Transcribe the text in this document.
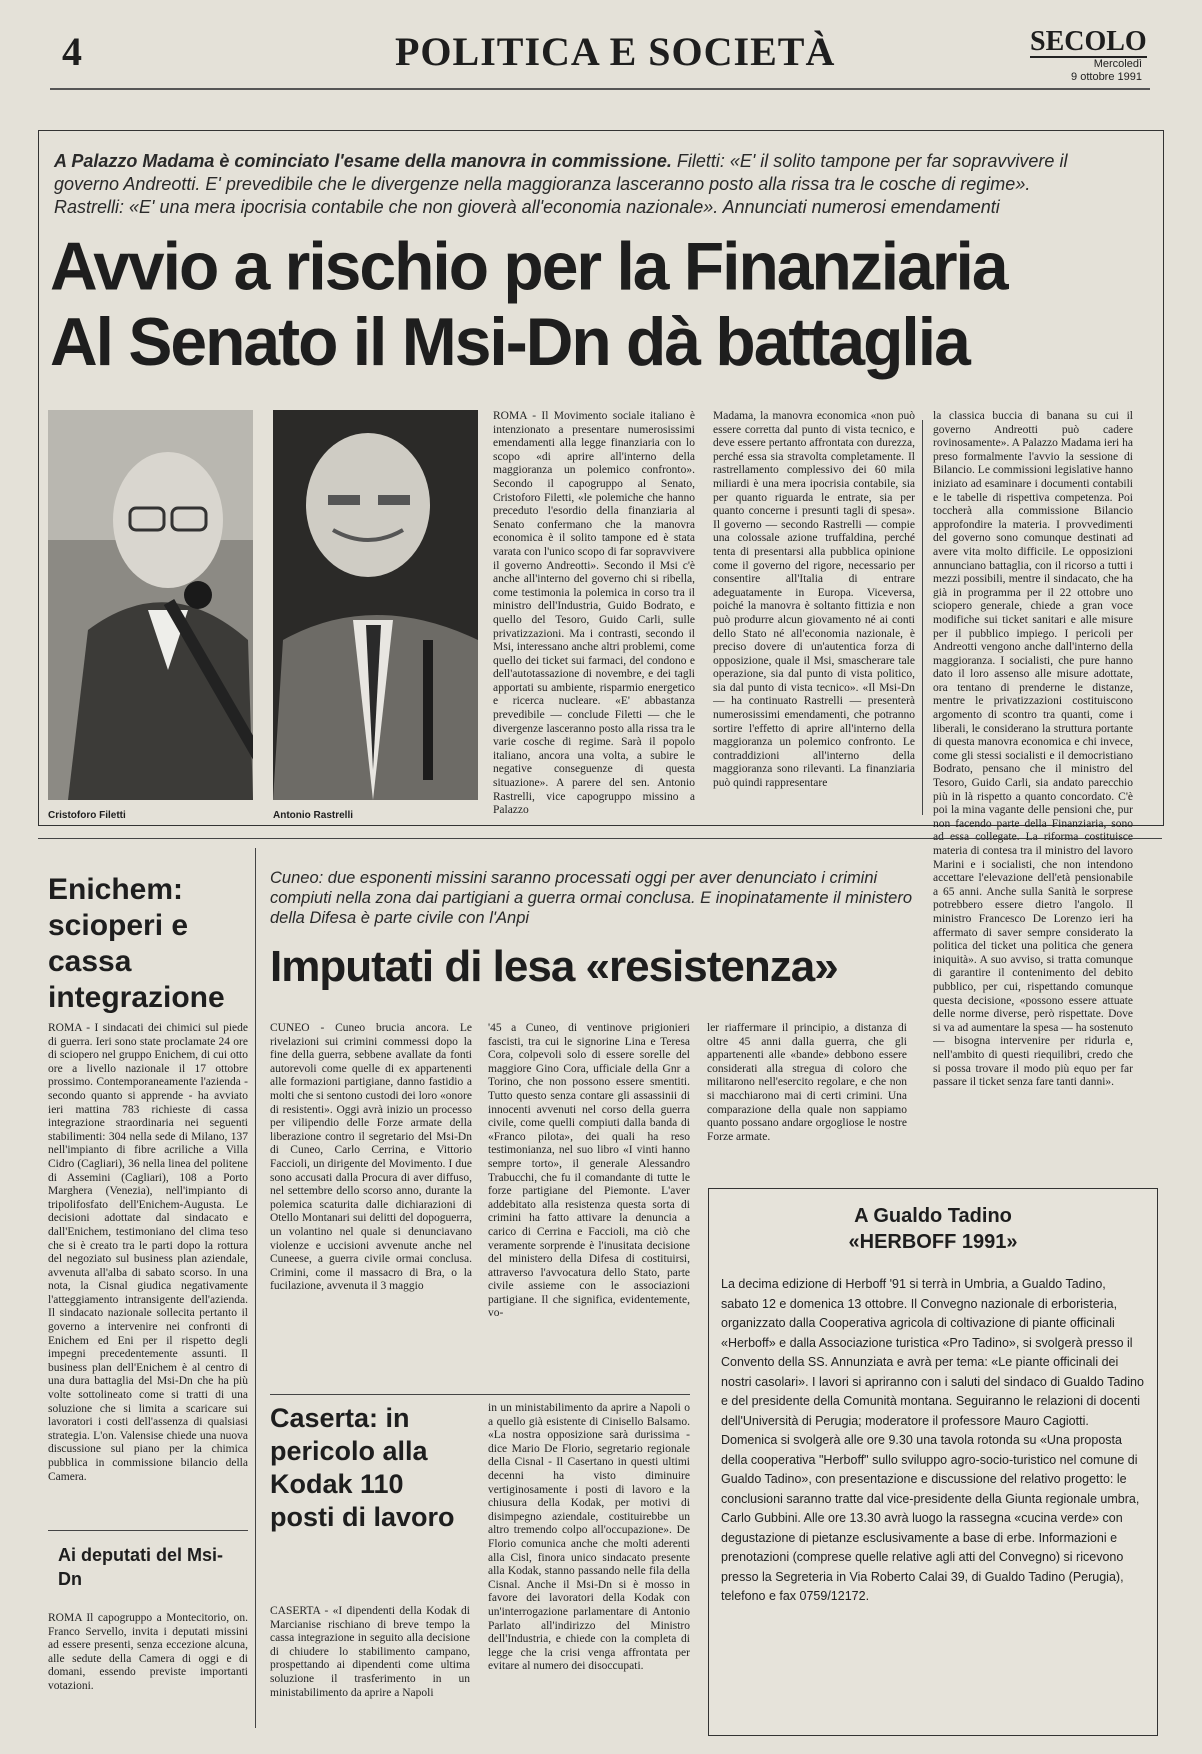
4	POLITICA E SOCIETÀ	SECOLO
Mercoledì
9 ottobre 1991
A Palazzo Madama è cominciato l'esame della manovra in commissione. Filetti: «E' il solito tampone per far sopravvivere il governo Andreotti. E' prevedibile che le divergenze nella maggioranza lasceranno posto alla rissa tra le cosche di regime». Rastrelli: «E' una mera ipocrisia contabile che non gioverà all'economia nazionale». Annunciati numerosi emendamenti
Avvio a rischio per la Finanziaria
Al Senato il Msi-Dn dà battaglia
Cristoforo Filetti	Antonio Rastrelli
ROMA - Il Movimento sociale italiano è intenzionato a presentare numerosissimi emendamenti alla legge finanziaria con lo scopo «di aprire all'interno della maggioranza un polemico confronto». Secondo il capogruppo al Senato, Cristoforo Filetti, «le polemiche che hanno preceduto l'esordio della finanziaria al Senato confermano che la manovra economica è il solito tampone ed è stata varata con l'unico scopo di far sopravvivere il governo Andreotti». Secondo il Msi c'è anche all'interno del governo chi si ribella, come testimonia la polemica in corso tra il ministro dell'Industria, Guido Bodrato, e quello del Tesoro, Guido Carli, sulle privatizzazioni. Ma i contrasti, secondo il Msi, interessano anche altri problemi, come quello dei ticket sui farmaci, del condono e dell'autotassazione di novembre, e dei tagli apportati su ambiente, risparmio energetico e ricerca nucleare. «E' abbastanza prevedibile — conclude Filetti — che le divergenze lasceranno posto alla rissa tra le varie cosche di regime. Sarà il popolo italiano, ancora una volta, a subire le negative conseguenze di questa situazione». A parere del sen. Antonio Rastrelli, vice capogruppo missino a Palazzo
Madama, la manovra economica «non può essere corretta dal punto di vista tecnico, e deve essere pertanto affrontata con durezza, perché essa sia stravolta completamente. Il rastrellamento complessivo dei 60 mila miliardi è una mera ipocrisia contabile, sia per quanto riguarda le entrate, sia per quanto concerne i presunti tagli di spesa». Il governo — secondo Rastrelli — compie una colossale azione truffaldina, perché tenta di presentarsi alla pubblica opinione come il governo del rigore, necessario per consentire all'Italia di entrare adeguatamente in Europa. Viceversa, poiché la manovra è soltanto fittizia e non può produrre alcun giovamento né ai conti dello Stato né all'economia nazionale, è preciso dovere di un'autentica forza di opposizione, quale il Msi, smascherare tale operazione, sia dal punto di vista politico, sia dal punto di vista tecnico». «Il Msi-Dn — ha continuato Rastrelli — presenterà numerosissimi emendamenti, che potranno sortire l'effetto di aprire all'interno della maggioranza un polemico confronto. Le contraddizioni all'interno della maggioranza sono rilevanti. La finanziaria può quindi rappresentare
la classica buccia di banana su cui il governo Andreotti può cadere rovinosamente». A Palazzo Madama ieri ha preso formalmente l'avvio la sessione di Bilancio. Le commissioni legislative hanno iniziato ad esaminare i documenti contabili e le tabelle di rispettiva competenza. Poi toccherà alla commissione Bilancio approfondire la materia. I provvedimenti del governo sono comunque destinati ad avere vita molto difficile. Le opposizioni annunciano battaglia, con il ricorso a tutti i mezzi possibili, mentre il sindacato, che ha già in programma per il 22 ottobre uno sciopero generale, chiede a gran voce modifiche sui ticket sanitari e alle misure per il pubblico impiego. I pericoli per Andreotti vengono anche dall'interno della maggioranza. I socialisti, che pure hanno dato il loro assenso alle misure adottate, ora tentano di prenderne le distanze, mentre le privatizzazioni costituiscono argomento di scontro tra quanti, come i liberali, le considerano la struttura portante di questa manovra economica e chi invece, come gli stessi socialisti e il democristiano Bodrato, pensano che il ministro del Tesoro, Guido Carli, sia andato parecchio più in là rispetto a quanto concordato. C'è poi la mina vagante delle pensioni che, pur non facendo parte della Finanziaria, sono materia di contesa tra il ministro del lavoro Marini e i socialisti, che non intendono accettare l'elevazione dell'età pensionabile a 65 anni. Anche sulla Sanità le sorprese potrebbero essere dietro l'angolo. Il ministro Francesco De Lorenzo ieri ha affermato di saver sempre considerato la politica del ticket una politica che genera iniquità». A suo avviso, si tratta comunque di garantire il contenimento del debito pubblico, per cui, rispettando comunque questa decisione, «possono essere attuate delle norme diverse, però rispettate. Dove si va ad aumentare la spesa — ha sostenuto — bisogna intervenire per ridurla e, nell'ambito di questi riequilibri, credo che si possa trovare il modo più equo per far passare il ticket senza fare tanti danni».
Enichem: scioperi e cassa integrazione
ROMA - I sindacati dei chimici sul piede di guerra. Ieri sono state proclamate 24 ore di sciopero nel gruppo Enichem, di cui otto ore a livello nazionale il 17 ottobre prossimo. Contemporaneamente l'azienda - secondo quanto si apprende - ha avviato ieri mattina 783 richieste di cassa integrazione straordinaria nei seguenti stabilimenti: 304 nella sede di Milano, 137 nell'impianto di fibre acriliche a Villa Cidro (Cagliari), 36 nella linea del politene di Assemini (Cagliari), 108 a Porto Marghera (Venezia), nell'impianto di tripolifosfato dell'Enichem-Augusta. Le decisioni adottate dal sindacato e dall'Enichem, testimoniano del clima teso che si è creato tra le parti dopo la rottura del negoziato sul business plan aziendale, avvenuta all'alba di sabato scorso. In una nota, la Cisnal giudica negativamente l'atteggiamento intransigente dell'azienda. Il sindacato nazionale sollecita pertanto il governo a intervenire nei confronti di Enichem ed Eni per il rispetto degli impegni precedentemente assunti. Il business plan dell'Enichem è al centro di una dura battaglia del Msi-Dn che ha più volte sottolineato come si tratti di una soluzione che si limita a scaricare sui lavoratori i costi dell'assenza di qualsiasi strategia. L'on. Valensise chiede una nuova discussione sul piano per la chimica pubblica in commissione bilancio della Camera.
Ai deputati del Msi-Dn
ROMA Il capogruppo a Montecitorio, on. Franco Servello, invita i deputati missini ad essere presenti, senza eccezione alcuna, alle sedute della Camera di oggi e di domani, essendo previste importanti votazioni.
Cuneo: due esponenti missini saranno processati oggi per aver denunciato i crimini compiuti nella zona dai partigiani a guerra ormai conclusa. E inopinatamente il ministero della Difesa è parte civile con l'Anpi
Imputati di lesa «resistenza»
CUNEO - Cuneo brucia ancora. Le rivelazioni sui crimini commessi dopo la fine della guerra, sebbene avallate da fonti autorevoli come quelle di ex appartenenti alle formazioni partigiane, danno fastidio a molti che si sentono custodi dei loro «onore di resistenti». Oggi avrà inizio un processo per vilipendio delle Forze armate della liberazione contro il segretario del Msi-Dn di Cuneo, Carlo Cerrina, e Vittorio Faccioli, un dirigente del Movimento. I due sono accusati dalla Procura di aver diffuso, nel settembre dello scorso anno, durante la polemica scaturita dalle dichiarazioni di Otello Montanari sui delitti del dopoguerra, un volantino nel quale si denunciavano violenze e uccisioni avvenute anche nel Cuneese, a guerra civile ormai conclusa. Crimini, come il massacro di Bra, o la fucilazione, avvenuta il 3 maggio
'45 a Cuneo, di ventinove prigionieri fascisti, tra cui le signorine Lina e Teresa Cora, colpevoli solo di essere sorelle del maggiore Gino Cora, ufficiale della Gnr a Torino, che non possono essere smentiti. Tutto questo senza contare gli assassinii di innocenti avvenuti nel corso della guerra civile, come quelli compiuti dalla banda di «Franco pilota», dei quali ha reso testimonianza, nel suo libro «I vinti hanno sempre torto», il generale Alessandro Trabucchi, che fu il comandante di tutte le forze partigiane del Piemonte. L'aver addebitato alla resistenza questa sorta di crimini ha fatto attivare la denuncia a carico di Cerrina e Faccioli, ma ciò che veramente sorprende è l'inusitata decisione del ministero della Difesa di costituirsi, attraverso l'avvocatura dello Stato, parte civile assieme con le associazioni partigiane. Il che significa, evidentemente, vo-
ler riaffermare il principio, a distanza di oltre 45 anni dalla guerra, che gli appartenenti alle «bande» debbono essere considerati alla stregua di coloro che militarono nell'esercito regolare, e che non si macchiarono mai di certi crimini. Una comparazione della quale non sappiamo quanto possano andare orgogliose le nostre Forze armate.
Caserta: in pericolo alla Kodak 110 posti di lavoro
CASERTA - «I dipendenti della Kodak di Marcianise rischiano di breve tempo la cassa integrazione in seguito alla decisione di chiudere lo stabilimento campano, prospettando ai dipendenti come ultima soluzione il trasferimento in un ministabilimento da aprire a Napoli
in un ministabilimento da aprire a Napoli o a quello già esistente di Cinisello Balsamo. «La nostra opposizione sarà durissima - dice Mario De Florio, segretario regionale della Cisnal - Il Casertano in questi ultimi decenni ha visto diminuire vertiginosamente i posti di lavoro e la chiusura della Kodak, per motivi di disimpegno aziendale, costituirebbe un altro tremendo colpo all'occupazione». De Florio comunica anche che molti aderenti alla Cisl, finora unico sindacato presente alla Kodak, stanno passando nelle fila della Cisnal. Anche il Msi-Dn si è mosso in favore dei lavoratori della Kodak con un'interrogazione parlamentare di Antonio Parlato all'indirizzo del Ministro dell'Industria, e chiede con la completa di legge che la crisi venga affrontata per evitare al numero dei disoccupati.
A Gualdo Tadino
«HERBOFF 1991»
La decima edizione di Herboff '91 si terrà in Umbria, a Gualdo Tadino, sabato 12 e domenica 13 ottobre. Il Convegno nazionale di erboristeria, organizzato dalla Cooperativa agricola di coltivazione di piante officinali «Herboff» e dalla Associazione turistica «Pro Tadino», si svolgerà presso il Convento della SS. Annunziata e avrà per tema: «Le piante officinali dei nostri casolari». I lavori si apriranno con i saluti del sindaco di Gualdo Tadino e del presidente della Comunità montana. Seguiranno le relazioni di docenti dell'Università di Perugia; moderatore il professore Mauro Cagiotti. Domenica si svolgerà alle ore 9.30 una tavola rotonda su «Una proposta della cooperativa "Herboff" sullo sviluppo agro-socio-turistico nel comune di Gualdo Tadino», con presentazione e discussione del relativo progetto: le conclusioni saranno tratte dal vice-presidente della Giunta regionale umbra, Carlo Gubbini. Alle ore 13.30 avrà luogo la rassegna «cucina verde» con degustazione di pietanze esclusivamente a base di erbe. Informazioni e prenotazioni (comprese quelle relative agli atti del Convegno) si ricevono presso la Segreteria in Via Roberto Calai 39, di Gualdo Tadino (Perugia), telefono e fax 0759/12172.
